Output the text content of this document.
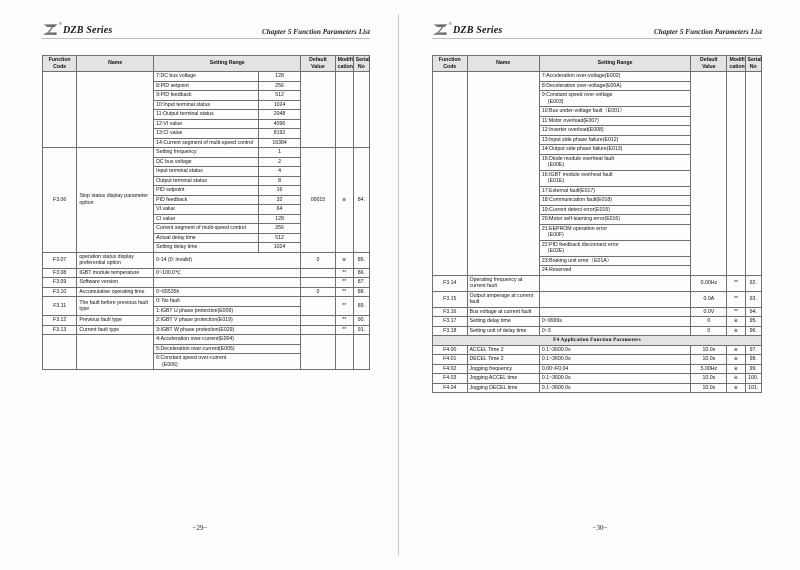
®
DZB Series	Chapter 5 Function Parameters List
Function
Code	Name	Setting Range		Default
Value	Modifi
cation	Serial
No
		7:DC bus voltage	128			
		8:PID setpoint	256			
		9:PID feedback	512			
		10:Input terminal status	1024			
		11:Output terminal status	2048			
		12:VI value	4096			
		13:CI value	8192			
		14:Current segment of multi-speed control	16384			
F3.06	Stop status display parameter option	Setting frequency	1	00015	※	84.
		DC bus voltage	2			
		Input terminal status	4			
		Output terminal status	8			
		PID setpoint	16			
		PID feedback	32			
		VI value	64			
		CI value	128			
		Current segment of multi-speed control	256			
		Actual delay time	512			
		Setting delay time	1024			
F3.07	operation status display preferential option	0-14 (0: invalid)		0	※	85.
F3.08	IGBT module temperature	0~100.0℃			**	86.
F3.09	Software version				**	87.
F3.10	Accumulative operating time	0~65535h		0	**	88.
F3.11	The fault before previous fault type	0: No fault			**	89.
		1:IGBT U phase protection(E009)				
F3.12	Previous fault type	2:IGBT V phase protection(E019)			**	90.
F3.13	Current fault type	3:IGBT W phase protection(E029)			**	91.
		4:Acceleration over-current(E004)				
		5:Deceleration over-current(E005)				
		6:Constant speed over-current
(E006)				
−29−
®
DZB Series	Chapter 5 Function Parameters List
Function
Code	Name	Setting Range	Default
Value	Modifi
cation	Serial
No
		7:Acceleration over-voltage(E002)			
		8:Deceleration over-voltage(E00A)			
		9:Constant speed over-voltage
(E003)			

		10:Bus under-voltage fault（E001）			
		11:Motor overload(E007)			
		12:Inverter overload(E008)			
		13:Input side phase failure(E012)			
		14:Output side phase failure(E013)			
		15:Diode module overheat fault
(E00E)			

		16:IGBT module overheat fault
(E01E)			

		17:External fault(E017)			
		18:Communication fault(E018)			
		19:Current detect error(E015)			
		20:Motor self-learning error(E016)			
		21:EEPROM operation error
(E00F)			

		22:PID feedback disconnect error
(E02E)			

		23:Braking unit error（E01A）			
		24:Reserved			
F3.14	Operating frequency at current fault		0.00Hz	**	92.
F3.15	Output amperage at current fault		0.0A	**	93.
F3.16	Bus voltage at current fault		0.0V	**	94.
F3.17	Setting delay time	0~9999s	0	※	95.
F3.18	Setting unit of delay time	0~3	0	※	96.
F4 Application Function Parameters					
F4.00	ACCEL Time 2	0.1~3600.0s	10.0s	※	97.
F4.01	DECEL Time 2	0.1~3600.0s	10.0s	※	98.
F4.02	Jogging frequency	0.00~F0.04	5.00Hz	※	99.
F4.03	Jogging ACCEL time	0.1~3600.0s	10.0s	※	100.
F4.04	Jogging DECEL time	0.1~3600.0s	10.0s	※	101.
−30−
